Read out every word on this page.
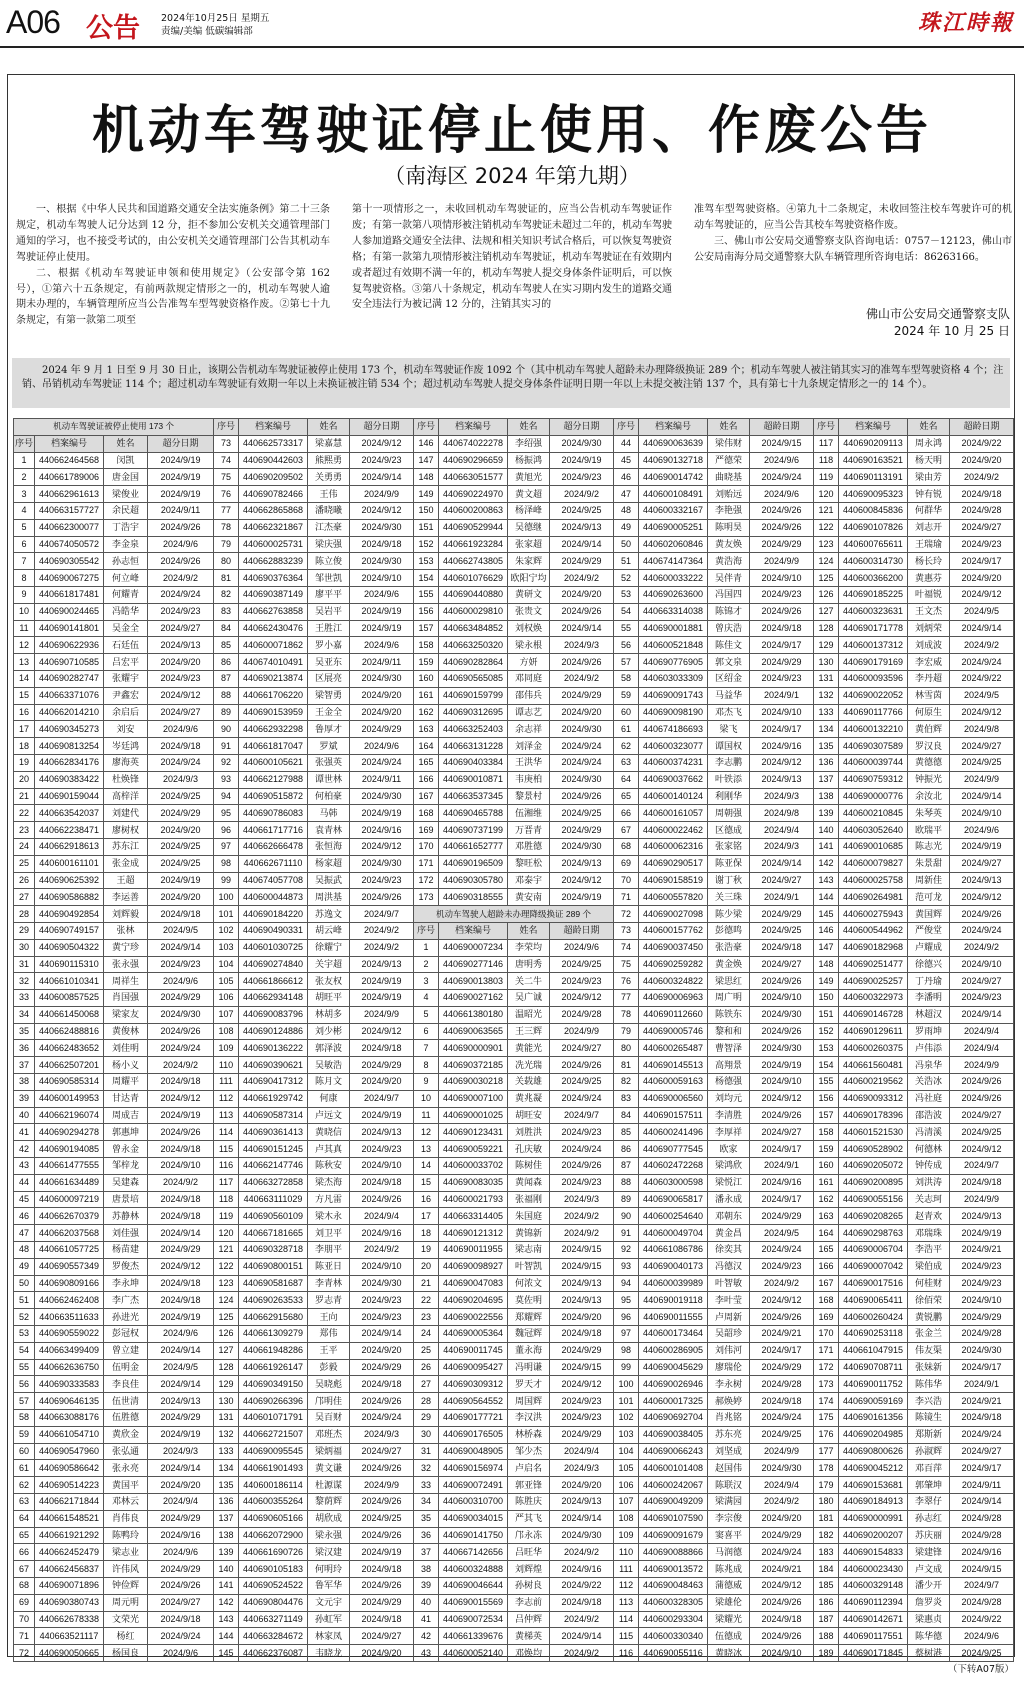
A06 公告 2024年10月25日 星期五
责编/美编 低碳编辑部	珠江時報
机动车驾驶证停止使用、作废公告
（南海区 2024 年第九期）

一、根据《中华人民共和国道路交通安全法实施条例》第二十三条规定，机动车驾驶人记分达到 12 分，拒不参加公安机关交通管理部门通知的学习，也不接受考试的，由公安机关交通管理部门公告其机动车驾驶证停止使用。

二、根据《机动车驾驶证申领和使用规定》（公安部令第 162 号），①第六十五条规定，有前两款规定情形之一的，机动车驾驶人逾期未办理的，车辆管理所应当公告准驾车型驾驶资格作废。②第七十九条规定，有第一款第二项至

第十一项情形之一，未收回机动车驾驶证的，应当公告机动车驾驶证作废；有第一款第八项情形被注销机动车驾驶证未超过二年的，机动车驾驶人参加道路交通安全法律、法规和相关知识考试合格后，可以恢复驾驶资格；有第一款第九项情形被注销机动车驾驶证，机动车驾驶证在有效期内或者超过有效期不满一年的，机动车驾驶人提交身体条件证明后，可以恢复驾驶资格。③第八十条规定，机动车驾驶人在实习期内发生的道路交通安全违法行为被记满 12 分的，注销其实习的

准驾车型驾驶资格。④第九十二条规定，未收回签注校车驾驶许可的机动车驾驶证的，应当公告其校车驾驶资格作废。

三、佛山市公安局交通警察支队咨询电话：0757－12123，佛山市公安局南海分局交通警察大队车辆管理所咨询电话：86263166。

佛山市公安局交通警察支队
2024 年 10 月 25 日
2024 年 9 月 1 日至 9 月 30 日止，该期公告机动车驾驶证被停止使用 173 个，机动车驾驶证作废 1092 个（其中机动车驾驶人超龄未办理降级换证 289 个；机动车驾驶人被注销其实习的准驾车型驾驶资格 4 个；注销、吊销机动车驾驶证 114 个；超过机动车驾驶证有效期一年以上未换证被注销 534 个；超过机动车驾驶人提交身体条件证明日期一年以上未提交被注销 137 个，具有第七十九条规定情形之一的 14 个）。
机动车驾驶证被停止使用 173 个			
序号	档案编号	姓名	超分日期
1	440662464568	闵凯	2024/9/19
2	440661789006	唐金国	2024/9/19
3	440662961613	梁俊业	2024/9/19
4	440663157727	余民超	2024/9/11
5	440662300077	丁浩宇	2024/9/26
6	440674050572	李金泉	2024/9/6
7	440690305542	孙志恒	2024/9/26
8	440690067275	何立峰	2024/9/2
9	440661817481	何耀青	2024/9/24
10	440690024465	冯皓华	2024/9/23
11	440690141801	吴金全	2024/9/27
12	440690622936	石廷伍	2024/9/13
13	440690710585	吕宏平	2024/9/20
14	440690282747	张耀宇	2024/9/23
15	440663371076	尹鑫宏	2024/9/12
16	440662014210	余启后	2024/9/27
17	440690345273	刘安	2024/9/6
18	440690813254	岑廷鸿	2024/9/18
19	440662834176	廖海英	2024/9/24
20	440690383422	杜焕锋	2024/9/3
21	440690159044	高梓洋	2024/9/25
22	440663542037	刘建代	2024/9/29
23	440662238471	廖树权	2024/9/20
24	440662918613	苏东江	2024/9/25
25	440600161101	张金成	2024/9/25
26	440690625392	王超	2024/9/19
27	440690586882	李运善	2024/9/20
28	440690492854	刘辉毅	2024/9/18
29	440690749157	张林	2024/9/5
30	440690504322	黄宁珍	2024/9/14
31	440690115310	张永强	2024/9/23
32	440661010341	周祥生	2024/9/6
33	440600857525	肖国强	2024/9/29
34	440661450068	梁家友	2024/9/30
35	440662488816	黄俊林	2024/9/26
36	440662483652	刘佳明	2024/9/24
37	440662507201	杨小义	2024/9/2
38	440690585314	周耀平	2024/9/18
39	440600149953	甘达青	2024/9/12
40	440662196074	周成吉	2024/9/19
41	440690294278	郭惠坤	2024/9/26
42	440690194085	曾永金	2024/9/18
43	440661477555	邹梓龙	2024/9/10
44	440661634489	吴建森	2024/9/2
45	440600097219	唐景培	2024/9/18
46	440662670379	苏静林	2024/9/18
47	440662037568	刘佳强	2024/9/14
48	440661057725	杨苗建	2024/9/29
49	440690557349	罗俊杰	2024/9/12
50	440690809166	李永坤	2024/9/18
51	440662462408	李广杰	2024/9/18
52	440663511633	孙进光	2024/9/19
53	440690559022	彭冠权	2024/9/6
54	440663499409	曾立建	2024/9/14
55	440662636750	伍明金	2024/9/5
56	440690333583	李良佳	2024/9/14
57	440690646135	伍世清	2024/9/13
58	440663088176	伍胜德	2024/9/29
59	440661054710	黄欣金	2024/9/19
60	440690547960	张弘通	2024/9/3
61	440690586642	张永亮	2024/9/14
62	440690514223	黄国平	2024/9/20
63	440662171844	邓林云	2024/9/4
64	440661548521	肖伟良	2024/9/29
65	440661921292	陈鸭玲	2024/9/16
66	440662452479	梁志业	2024/9/6
67	440662456837	许伟风	2024/9/29
68	440690071896	钟俭辉	2024/9/26
69	440690380743	周元明	2024/9/27
70	440662678338	文荣光	2024/9/18
71	440663521117	杨红	2024/9/24
72	440690050665	杨国良	2024/9/6
序号	档案编号	姓名	超分日期
73	440662573317	梁嘉慧	2024/9/12
74	440690442603	熊熙勇	2024/9/23
75	440690209502	关勇勇	2024/9/14
76	440690782466	王伟	2024/9/9
77	440662865868	潘晓曦	2024/9/12
78	440662321867	江杰豪	2024/9/30
79	440600025731	梁庆强	2024/9/18
80	440662883239	陈立俊	2024/9/30
81	440690376364	邹世凯	2024/9/10
82	440690387149	廖平平	2024/9/6
83	440662763858	吴岩平	2024/9/19
84	440662430476	王胜江	2024/9/19
85	440600071862	罗小嘉	2024/9/6
86	440674010491	吴亚东	2024/9/11
87	440690213874	区展亮	2024/9/30
88	440661706220	梁智勇	2024/9/20
89	440690153959	王金全	2024/9/20
90	440662932298	鲁厚才	2024/9/29
91	440661817047	罗斌	2024/9/6
92	440600105621	张强英	2024/9/24
93	440662127988	谭世林	2024/9/11
94	440690515872	何柏豪	2024/9/30
95	440690786083	马韩	2024/9/19
96	440661717716	袁青林	2024/9/16
97	440662666478	张恒海	2024/9/12
98	440662671110	杨家超	2024/9/30
99	440674057708	吴振武	2024/9/23
100	440600044873	周洪基	2024/9/26
101	440690184220	苏逸文	2024/9/7
102	440690490331	胡云峰	2024/9/2
103	440601030725	徐耀宁	2024/9/2
104	440690274840	关宇超	2024/9/13
105	440661866612	张友权	2024/9/19
106	440662934148	胡旺平	2024/9/19
107	440690083796	林胡多	2024/9/9
108	440690124886	刘少彬	2024/9/12
109	440690136222	郭泽波	2024/9/18
110	440690390621	吴敏浩	2024/9/29
111	440690417312	陈月文	2024/9/20
112	440661929742	何康	2024/9/7
113	440690587314	卢远文	2024/9/19
114	440690361413	黄晓信	2024/9/13
115	440690151245	卢其真	2024/9/23
116	440662147746	陈秋安	2024/9/10
117	440663272858	梁杰海	2024/9/18
118	440663111029	方凡雷	2024/9/26
119	440690560109	梁木永	2024/9/4
120	440667181665	刘卫平	2024/9/16
121	440690328718	李朋平	2024/9/2
122	440690800151	陈亚日	2024/9/10
123	440690581687	李青林	2024/9/30
124	440690263533	罗志青	2024/9/23
125	440662915680	王向	2024/9/23
126	440661309279	郑伟	2024/9/14
127	440661948286	王平	2024/9/20
128	440661926147	彭毅	2024/9/29
129	440690349150	吴晓彪	2024/9/18
130	440690266396	邝明佳	2024/9/26
131	440601071791	吴百财	2024/9/24
132	440662721507	邓班杰	2024/9/3
133	440690095545	梁炳福	2024/9/27
134	440661901493	黄文谦	2024/9/26
135	440600186114	杜源谋	2024/9/9
136	440600355264	黎荫辉	2024/9/26
137	440690605166	胡欣成	2024/9/25
138	440662072900	梁永强	2024/9/26
139	440661690726	梁汉建	2024/9/19
140	440690105183	何明玲	2024/9/18
141	440690524522	鲁军华	2024/9/26
142	440690804476	文元宇	2024/9/29
143	440663271149	孙虹军	2024/9/18
144	440663284672	林家凤	2024/9/27
145	440662376087	韦晓龙	2024/9/20
序号	档案编号	姓名	超分日期
146	440674022278	李绍强	2024/9/30
147	440690296659	杨振鸿	2024/9/19
148	440663051577	黄旭光	2024/9/23
149	440690224970	黄文超	2024/9/2
150	440600200863	杨泽峰	2024/9/25
151	440690529944	吴德继	2024/9/13
152	440661923284	张家超	2024/9/14
153	440662743805	朱家辉	2024/9/29
154	440601076629	欧阳宁均	2024/9/2
155	440690440880	黄研文	2024/9/20
156	440600029810	张贵文	2024/9/26
157	440663484852	刘权焕	2024/9/14
158	440663250320	梁永根	2024/9/3
159	440690282864	方妍	2024/9/26
160	440690565085	邓同庭	2024/9/2
161	440690159799	邵伟兵	2024/9/29
162	440690312695	谭志艺	2024/9/20
163	440663252403	余志祥	2024/9/30
164	440663131228	刘泽金	2024/9/24
165	440690403384	王洪华	2024/9/24
166	440690010871	韦庚柏	2024/9/30
167	440663537345	黎景村	2024/9/26
168	440690465788	伍湘维	2024/9/25
169	440690737199	万晋青	2024/9/29
170	440661652777	邓胜德	2024/9/30
171	440690196509	黎旺松	2024/9/13
172	440690305780	邓泰宇	2024/9/12
173	440690318555	黄安南	2024/9/19
机动车驾驶人超龄未办理降级换证 289 个			
序号	档案编号	姓名	超龄日期
1	440690007234	李荣均	2024/9/6
2	440690277146	唐明秀	2024/9/25
3	440690013803	关二牛	2024/9/23
4	440690027162	吴广诚	2024/9/12
5	440661380180	温昭光	2024/9/28
6	440690063565	王三辉	2024/9/9
7	440690000901	黄能光	2024/9/27
8	440690372185	冼光瑞	2024/9/26
9	440690030218	关载雄	2024/9/25
10	440690007100	黄兆凝	2024/9/24
11	440690001025	胡旺安	2024/9/7
12	440690123431	刘胜洪	2024/9/23
13	440690059221	孔庆敏	2024/9/24
14	440600033702	陈树佳	2024/9/26
15	440690083035	黄闻森	2024/9/23
16	440600021793	张福刚	2024/9/3
17	440663314405	朱国庭	2024/9/2
18	440690121312	黄锦新	2024/9/2
19	440690011955	梁志南	2024/9/15
20	440690098927	叶智凯	2024/9/15
21	440690047083	何浓文	2024/9/13
22	440690204695	莫佐明	2024/9/13
23	440690022556	郑耀辉	2024/9/20
24	440690005364	魏冠辉	2024/9/18
25	440690011745	董永海	2024/9/29
26	440690095427	冯明谦	2024/9/15
27	440690309312	罗天才	2024/9/12
28	440690564552	周国辉	2024/9/23
29	440690177721	李汉洪	2024/9/23
30	440690176505	林桥森	2024/9/29
31	440690048905	邹少杰	2024/9/4
32	440690156974	卢启名	2024/9/3
33	440690072491	郭亚锋	2024/9/20
34	440600310700	陈胜庆	2024/9/13
35	440690034015	严其飞	2024/9/14
36	440690141750	邝永冻	2024/9/30
37	440667142656	吕旺华	2024/9/2
38	440600324888	刘辉煌	2024/9/16
39	440690046644	孙树良	2024/9/22
40	440690015569	李志前	2024/9/18
41	440690072534	吕仲辉	2024/9/2
42	440661339676	黄梯英	2024/9/14
43	440600052140	邓焕均	2024/9/2
序号	档案编号	姓名	超龄日期
44	440690063639	梁伟财	2024/9/15
45	440690132718	严德荣	2024/9/6
46	440690014742	曲晓基	2024/9/24
47	440600108491	刘贻远	2024/9/6
48	440600332167	李艳强	2024/9/26
49	440690005251	陈明昊	2024/9/26
50	440602060846	黄友焕	2024/9/29
51	440674147364	黄浩海	2024/9/9
52	440600033222	吴伴青	2024/9/10
53	440690263600	冯国四	2024/9/23
54	440663314038	陈锦才	2024/9/26
55	440690001881	曾庆浩	2024/9/18
56	440600521848	陈佳文	2024/9/17
57	440690776905	郭文泉	2024/9/29
58	440603033309	区绍金	2024/9/23
59	440690091743	马益华	2024/9/1
60	440690098190	邓杰飞	2024/9/10
61	440674186693	梁飞	2024/9/17
62	440600323077	谭国权	2024/9/16
63	440600374231	李志鹏	2024/9/12
64	440690037662	叶铁添	2024/9/13
65	440600140124	利刚华	2024/9/3
66	440600161057	周朝强	2024/9/8
67	440600022462	区德成	2024/9/4
68	440600062316	张家铭	2024/9/3
69	440690290517	陈亚保	2024/9/14
70	440690158519	谢丁秋	2024/9/27
71	440600557820	关三珠	2024/9/1
72	440690027098	陈少梁	2024/9/29
73	440600157762	彭德鸣	2024/9/25
74	440690037450	张浩豪	2024/9/18
75	440690259282	黄金焕	2024/9/27
76	440600324822	梁思红	2024/9/26
77	440690006963	周广明	2024/9/10
78	440690112660	陈铁东	2024/9/30
79	440690005746	黎和和	2024/9/26
80	440600265487	曹智泽	2024/9/30
81	440690145513	高翔景	2024/9/19
82	440600059163	杨德强	2024/9/10
83	440690006560	刘均元	2024/9/12
84	440690157511	李清胜	2024/9/26
85	440600241496	李厚祥	2024/9/27
86	440690777545	欧家	2024/9/17
87	440602472268	梁鸿欣	2024/9/1
88	440603000598	梁悦江	2024/9/16
89	440690065817	潘永成	2024/9/17
90	440600254640	邓朝东	2024/9/29
91	440600049704	黄金昌	2024/9/5
92	440661086786	徐奕其	2024/9/24
93	440690040173	冯德汉	2024/9/23
94	440600039989	叶智敏	2024/9/2
95	440690019118	李叶莹	2024/9/12
96	440690011555	卢周新	2024/9/26
97	440600173464	吴韶珍	2024/9/21
98	440600286905	刘伟河	2024/9/17
99	440690045629	廖瑞伦	2024/9/29
100	440690026946	李永树	2024/9/28
101	440600017325	郝焕婷	2024/9/18
102	440690692704	肖兆铭	2024/9/24
103	440690038405	苏东亮	2024/9/25
104	440690066243	刘坚成	2024/9/9
105	440600101408	赵国伟	2024/9/30
106	440600242067	陈联汉	2024/9/4
107	440690049209	梁满园	2024/9/2
108	440690107590	李宗俊	2024/9/20
109	440690091679	窦喜平	2024/9/29
110	440690088866	马润德	2024/9/24
111	440690013572	陈兆成	2024/9/21
112	440690048463	蒲德威	2024/9/12
113	440600328305	梁雄伦	2024/9/26
114	440600293304	梁耀光	2024/9/18
115	440600330340	伍德成	2024/9/26
116	440690055116	黄晓冰	2024/9/10
序号	档案编号	姓名	超龄日期
117	440690209113	周永鸿	2024/9/22
118	440690163521	杨天明	2024/9/20
119	440690113191	梁由芳	2024/9/2
120	440690095323	钟有锐	2024/9/18
121	440600845836	何群华	2024/9/28
122	440690107826	刘志开	2024/9/27
123	440600765611	王瑞瑜	2024/9/23
124	440600314730	杨长玲	2024/9/17
125	440600366200	黄惠芬	2024/9/20
126	440690185225	叶福锐	2024/9/12
127	440600323631	王文杰	2024/9/5
128	440690171778	刘炳荣	2024/9/14
129	440600137312	刘成波	2024/9/2
130	440690179169	李宏威	2024/9/24
131	440600093596	李丹超	2024/9/22
132	440690022052	林雪茵	2024/9/5
133	440690117766	何原生	2024/9/12
134	440600132210	黄伯辉	2024/9/8
135	440690307589	罗汉良	2024/9/27
136	440600039744	黄德德	2024/9/25
137	440690759312	钟振光	2024/9/9
138	440690000776	余汝北	2024/9/14
139	440600210845	朱琴英	2024/9/10
140	440603052640	欧瑞平	2024/9/6
141	440690010685	陈志光	2024/9/19
142	440600079827	朱景甜	2024/9/27
143	440600025758	周新佳	2024/9/13
144	440690264981	范可龙	2024/9/12
145	440600275943	黄国辉	2024/9/26
146	440600544962	严俊堂	2024/9/24
147	440690182968	卢耀成	2024/9/2
148	440690251477	徐德兴	2024/9/10
149	440690025257	丁丹瑜	2024/9/27
150	440600322973	李潘明	2024/9/23
151	440690146728	林超汉	2024/9/14
152	440690129611	罗雨坤	2024/9/4
153	440600260375	卢伟添	2024/9/4
154	440661560481	冯泉华	2024/9/9
155	440600219562	关浩冰	2024/9/26
156	440690093312	冯社庭	2024/9/26
157	440690178396	邵浩波	2024/9/27
158	440601521530	冯清溪	2024/9/25
159	440690528902	何德林	2024/9/12
160	440690205072	钟传成	2024/9/7
161	440690200895	刘洪涛	2024/9/18
162	440690055156	关志珂	2024/9/9
163	440690208265	赵青欢	2024/9/13
164	440690298763	邓瑞珠	2024/9/19
165	440690006704	李浩平	2024/9/21
166	440690007042	梁伯成	2024/9/23
167	440690017516	何桂财	2024/9/23
168	440690065411	徐佰荣	2024/9/10
169	440600260424	黄锐鹏	2024/9/29
170	440690253118	张金兰	2024/9/28
171	440661047915	伟友渠	2024/9/30
172	440690708711	张妹新	2024/9/17
173	440690011752	陈伟华	2024/9/1
174	440690059169	李兴浩	2024/9/21
175	440690161356	陈镜生	2024/9/18
176	440690204985	郑斯新	2024/9/24
177	440690800626	孙淑辉	2024/9/27
178	440690045212	邓百萍	2024/9/17
179	440690153681	郭肇坤	2024/9/11
180	440690184913	李翠仔	2024/9/14
181	440690000991	孙志红	2024/9/28
182	440690200207	苏庆丽	2024/9/28
183	440690154833	梁建锋	2024/9/16
184	440600023430	卢文成	2024/9/15
185	440600329148	潘少开	2024/9/7
186	440690112394	詹罗炎	2024/9/28
187	440690142671	梁惠贞	2024/9/22
188	440690117551	陈华德	2024/9/6
189	440690171845	蔡树港	2024/9/25
（下转A07版）
